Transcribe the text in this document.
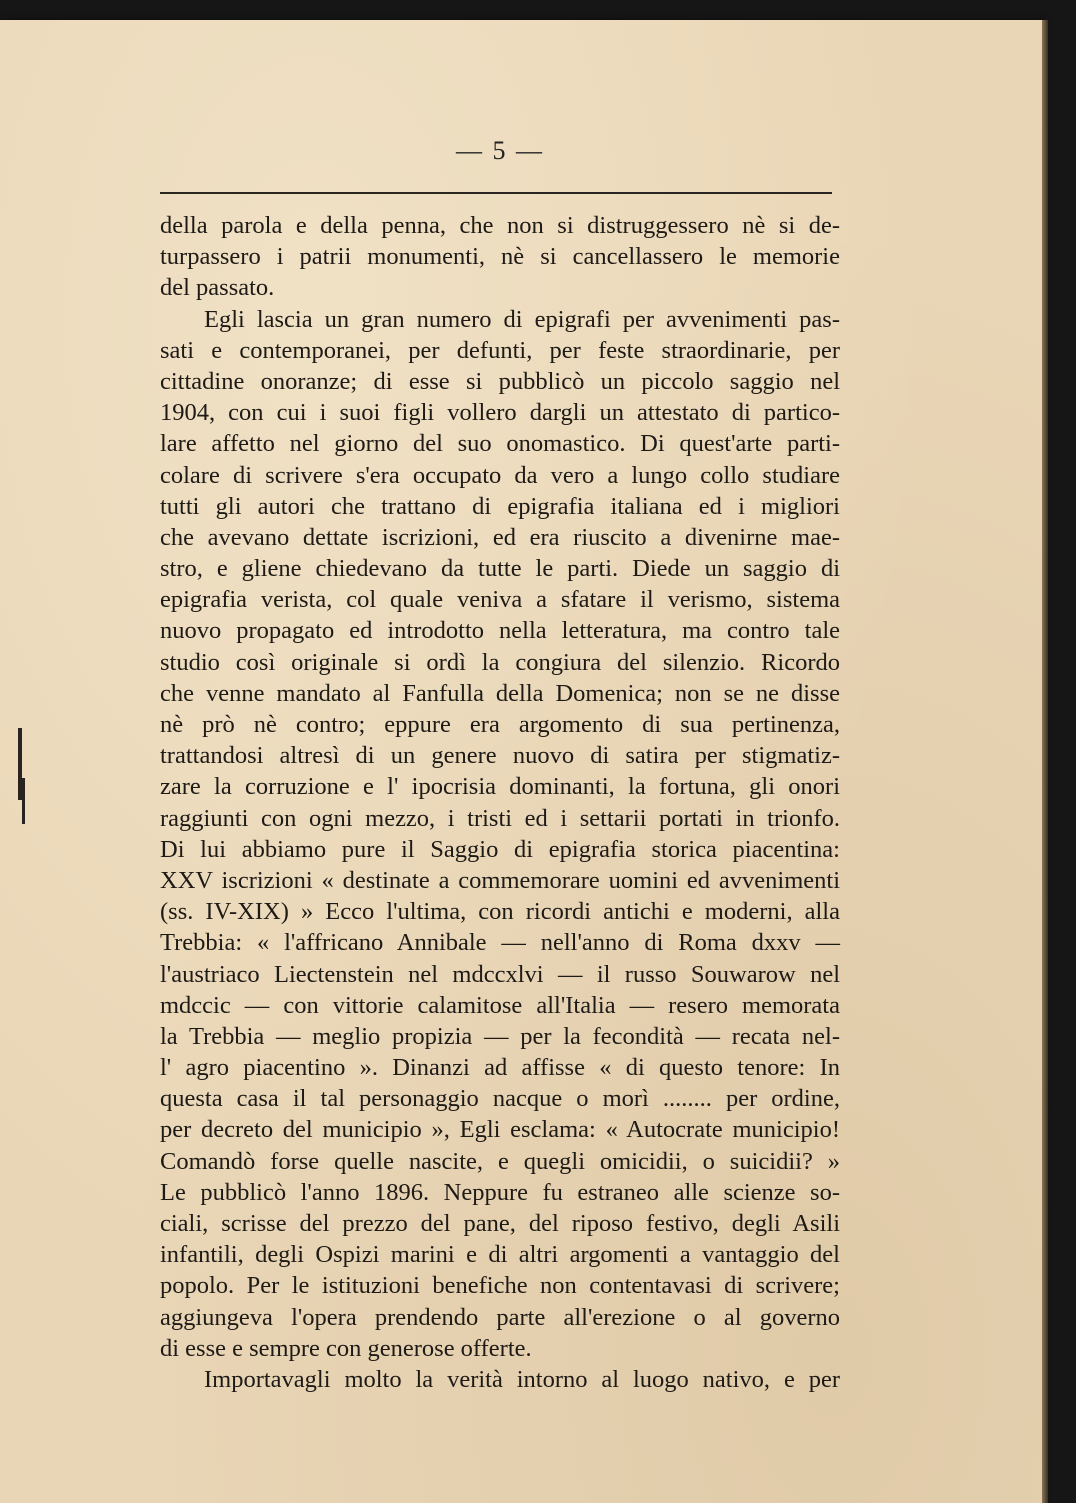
— 5 —
della parola e della penna, che non si distruggessero nè si de-
turpassero i patrii monumenti, nè si cancellassero le memorie
del passato.
Egli lascia un gran numero di epigrafi per avvenimenti pas-
sati e contemporanei, per defunti, per feste straordinarie, per
cittadine onoranze; di esse si pubblicò un piccolo saggio nel
1904, con cui i suoi figli vollero dargli un attestato di partico-
lare affetto nel giorno del suo onomastico. Di quest'arte parti-
colare di scrivere s'era occupato da vero a lungo collo studiare
tutti gli autori che trattano di epigrafia italiana ed i migliori
che avevano dettate iscrizioni, ed era riuscito a divenirne mae-
stro, e gliene chiedevano da tutte le parti. Diede un saggio di
epigrafia verista, col quale veniva a sfatare il verismo, sistema
nuovo propagato ed introdotto nella letteratura, ma contro tale
studio così originale si ordì la congiura del silenzio. Ricordo
che venne mandato al Fanfulla della Domenica; non se ne disse
nè prò nè contro; eppure era argomento di sua pertinenza,
trattandosi altresì di un genere nuovo di satira per stigmatiz-
zare la corruzione e l' ipocrisia dominanti, la fortuna, gli onori
raggiunti con ogni mezzo, i tristi ed i settarii portati in trionfo.
Di lui abbiamo pure il Saggio di epigrafia storica piacentina:
XXV iscrizioni « destinate a commemorare uomini ed avvenimenti
(ss. IV-XIX) » Ecco l'ultima, con ricordi antichi e moderni, alla
Trebbia: « l'affricano Annibale — nell'anno di Roma dxxv —
l'austriaco Liectenstein nel mdccxlvi — il russo Souwarow nel
mdccic — con vittorie calamitose all'Italia — resero memorata
la Trebbia — meglio propizia — per la fecondità — recata nel-
l' agro piacentino ». Dinanzi ad affisse « di questo tenore: In
questa casa il tal personaggio nacque o morì ........ per ordine,
per decreto del municipio », Egli esclama: « Autocrate municipio!
Comandò forse quelle nascite, e quegli omicidii, o suicidii? »
Le pubblicò l'anno 1896. Neppure fu estraneo alle scienze so-
ciali, scrisse del prezzo del pane, del riposo festivo, degli Asili
infantili, degli Ospizi marini e di altri argomenti a vantaggio del
popolo. Per le istituzioni benefiche non contentavasi di scrivere;
aggiungeva l'opera prendendo parte all'erezione o al governo
di esse e sempre con generose offerte.
Importavagli molto la verità intorno al luogo nativo, e per
